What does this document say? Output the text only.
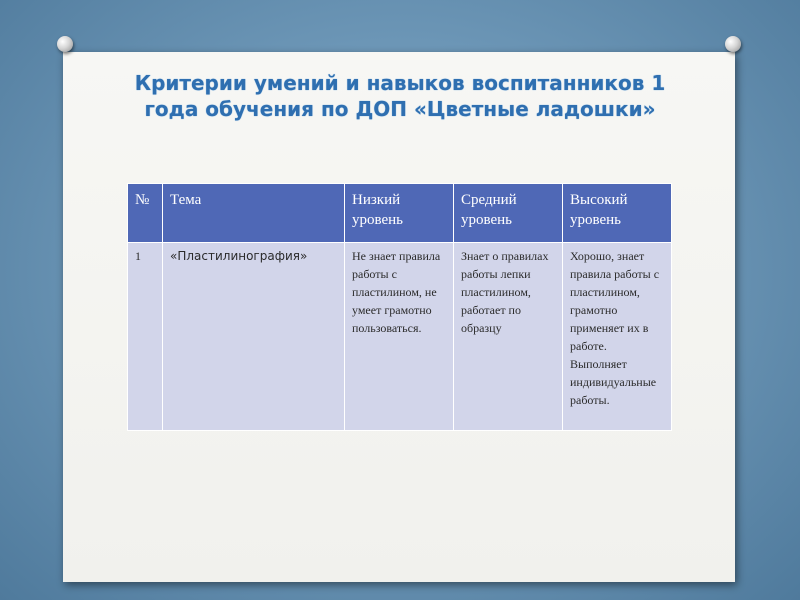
Критерии умений и навыков воспитанников 1
года обучения по ДОП «Цветные ладошки»
№	Тема	Низкий уровень	Средний уровень	Высокий уровень
1	«Пластилинография»	Не знает правила работы с пластилином, не умеет грамотно пользоваться.	Знает о правилах работы лепки пластилином, работает по образцу	Хорошо, знает правила работы с пластилином, грамотно применяет их в работе. Выполняет индивидуальные работы.
